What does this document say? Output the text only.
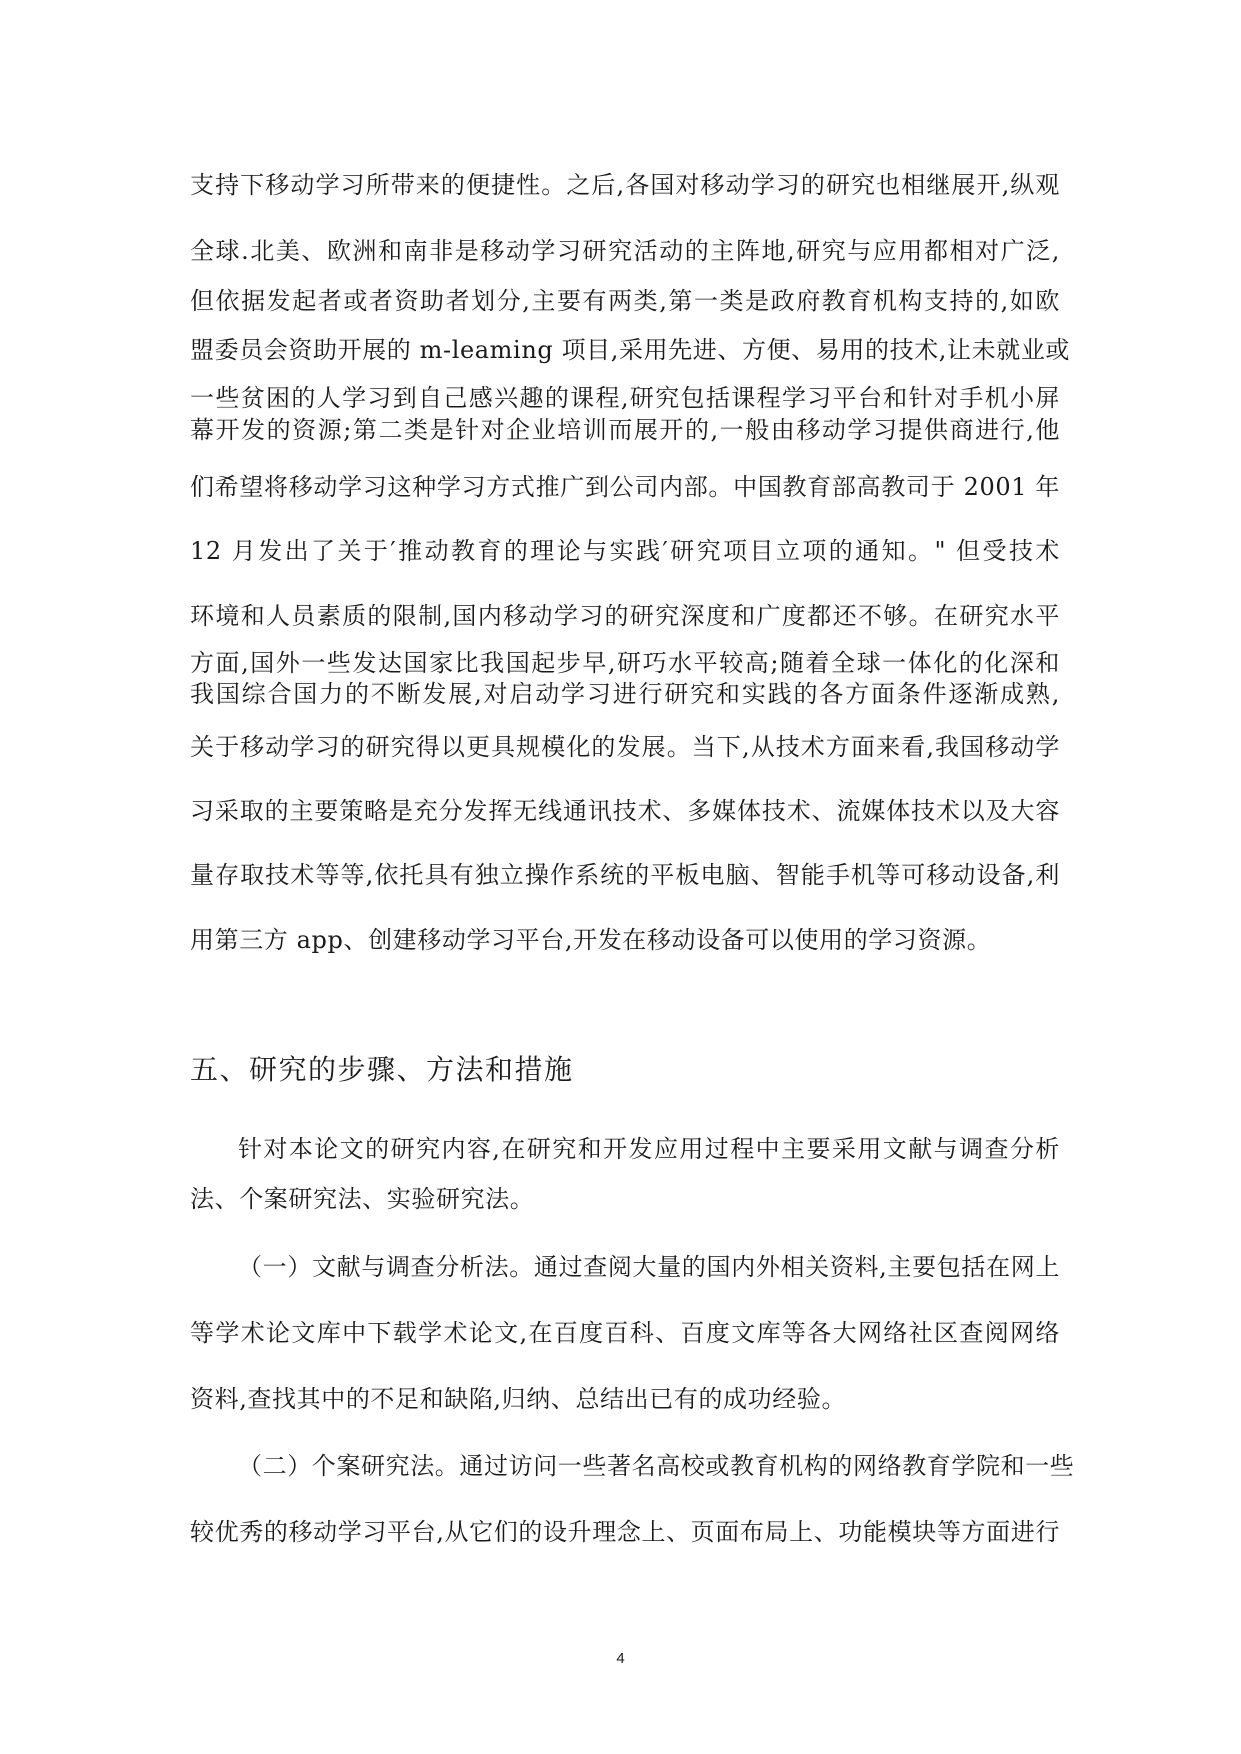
支持下移动学习所带来的便捷性。之后,各国对移动学习的研究也相继展开,纵观
全球.北美、欧洲和南非是移动学习研究活动的主阵地,研究与应用都相对广泛,
但依据发起者或者资助者划分,主要有两类,第一类是政府教育机构支持的,如欧
盟委员会资助开展的 m-leaming 项目,采用先进、方便、易用的技术,让未就业或
一些贫困的人学习到自己感兴趣的课程,研究包括课程学习平台和针对手机小屏
幕开发的资源;第二类是针对企业培训而展开的,一般由移动学习提供商进行,他
们希望将移动学习这种学习方式推广到公司内部。中国教育部高教司于 2001 年
12 月发出了关于′推动教育的理论与实践′研究项目立项的通知。" 但受技术
环境和人员素质的限制,国内移动学习的研究深度和广度都还不够。在研究水平
方面,国外一些发达国家比我国起步早,研巧水平较高;随着全球一体化的化深和
我国综合国力的不断发展,对启动学习进行研究和实践的各方面条件逐渐成熟,
关于移动学习的研究得以更具规模化的发展。当下,从技术方面来看,我国移动学
习采取的主要策略是充分发挥无线通讯技术、多媒体技术、流媒体技术以及大容
量存取技术等等,依托具有独立操作系统的平板电脑、智能手机等可移动设备,利
用第三方 app、创建移动学习平台,开发在移动设备可以使用的学习资源。
五、研究的步骤、方法和措施
针对本论文的研究内容,在研究和开发应用过程中主要采用文献与调查分析
法、个案研究法、实验研究法。
（一）文献与调查分析法。通过查阅大量的国内外相关资料,主要包括在网上
等学术论文库中下载学术论文,在百度百科、百度文库等各大网络社区查阅网络
资料,查找其中的不足和缺陷,归纳、总结出已有的成功经验。
（二）个案研究法。通过访问一些著名高校或教育机构的网络教育学院和一些
较优秀的移动学习平台,从它们的设升理念上、页面布局上、功能模块等方面进行
4
